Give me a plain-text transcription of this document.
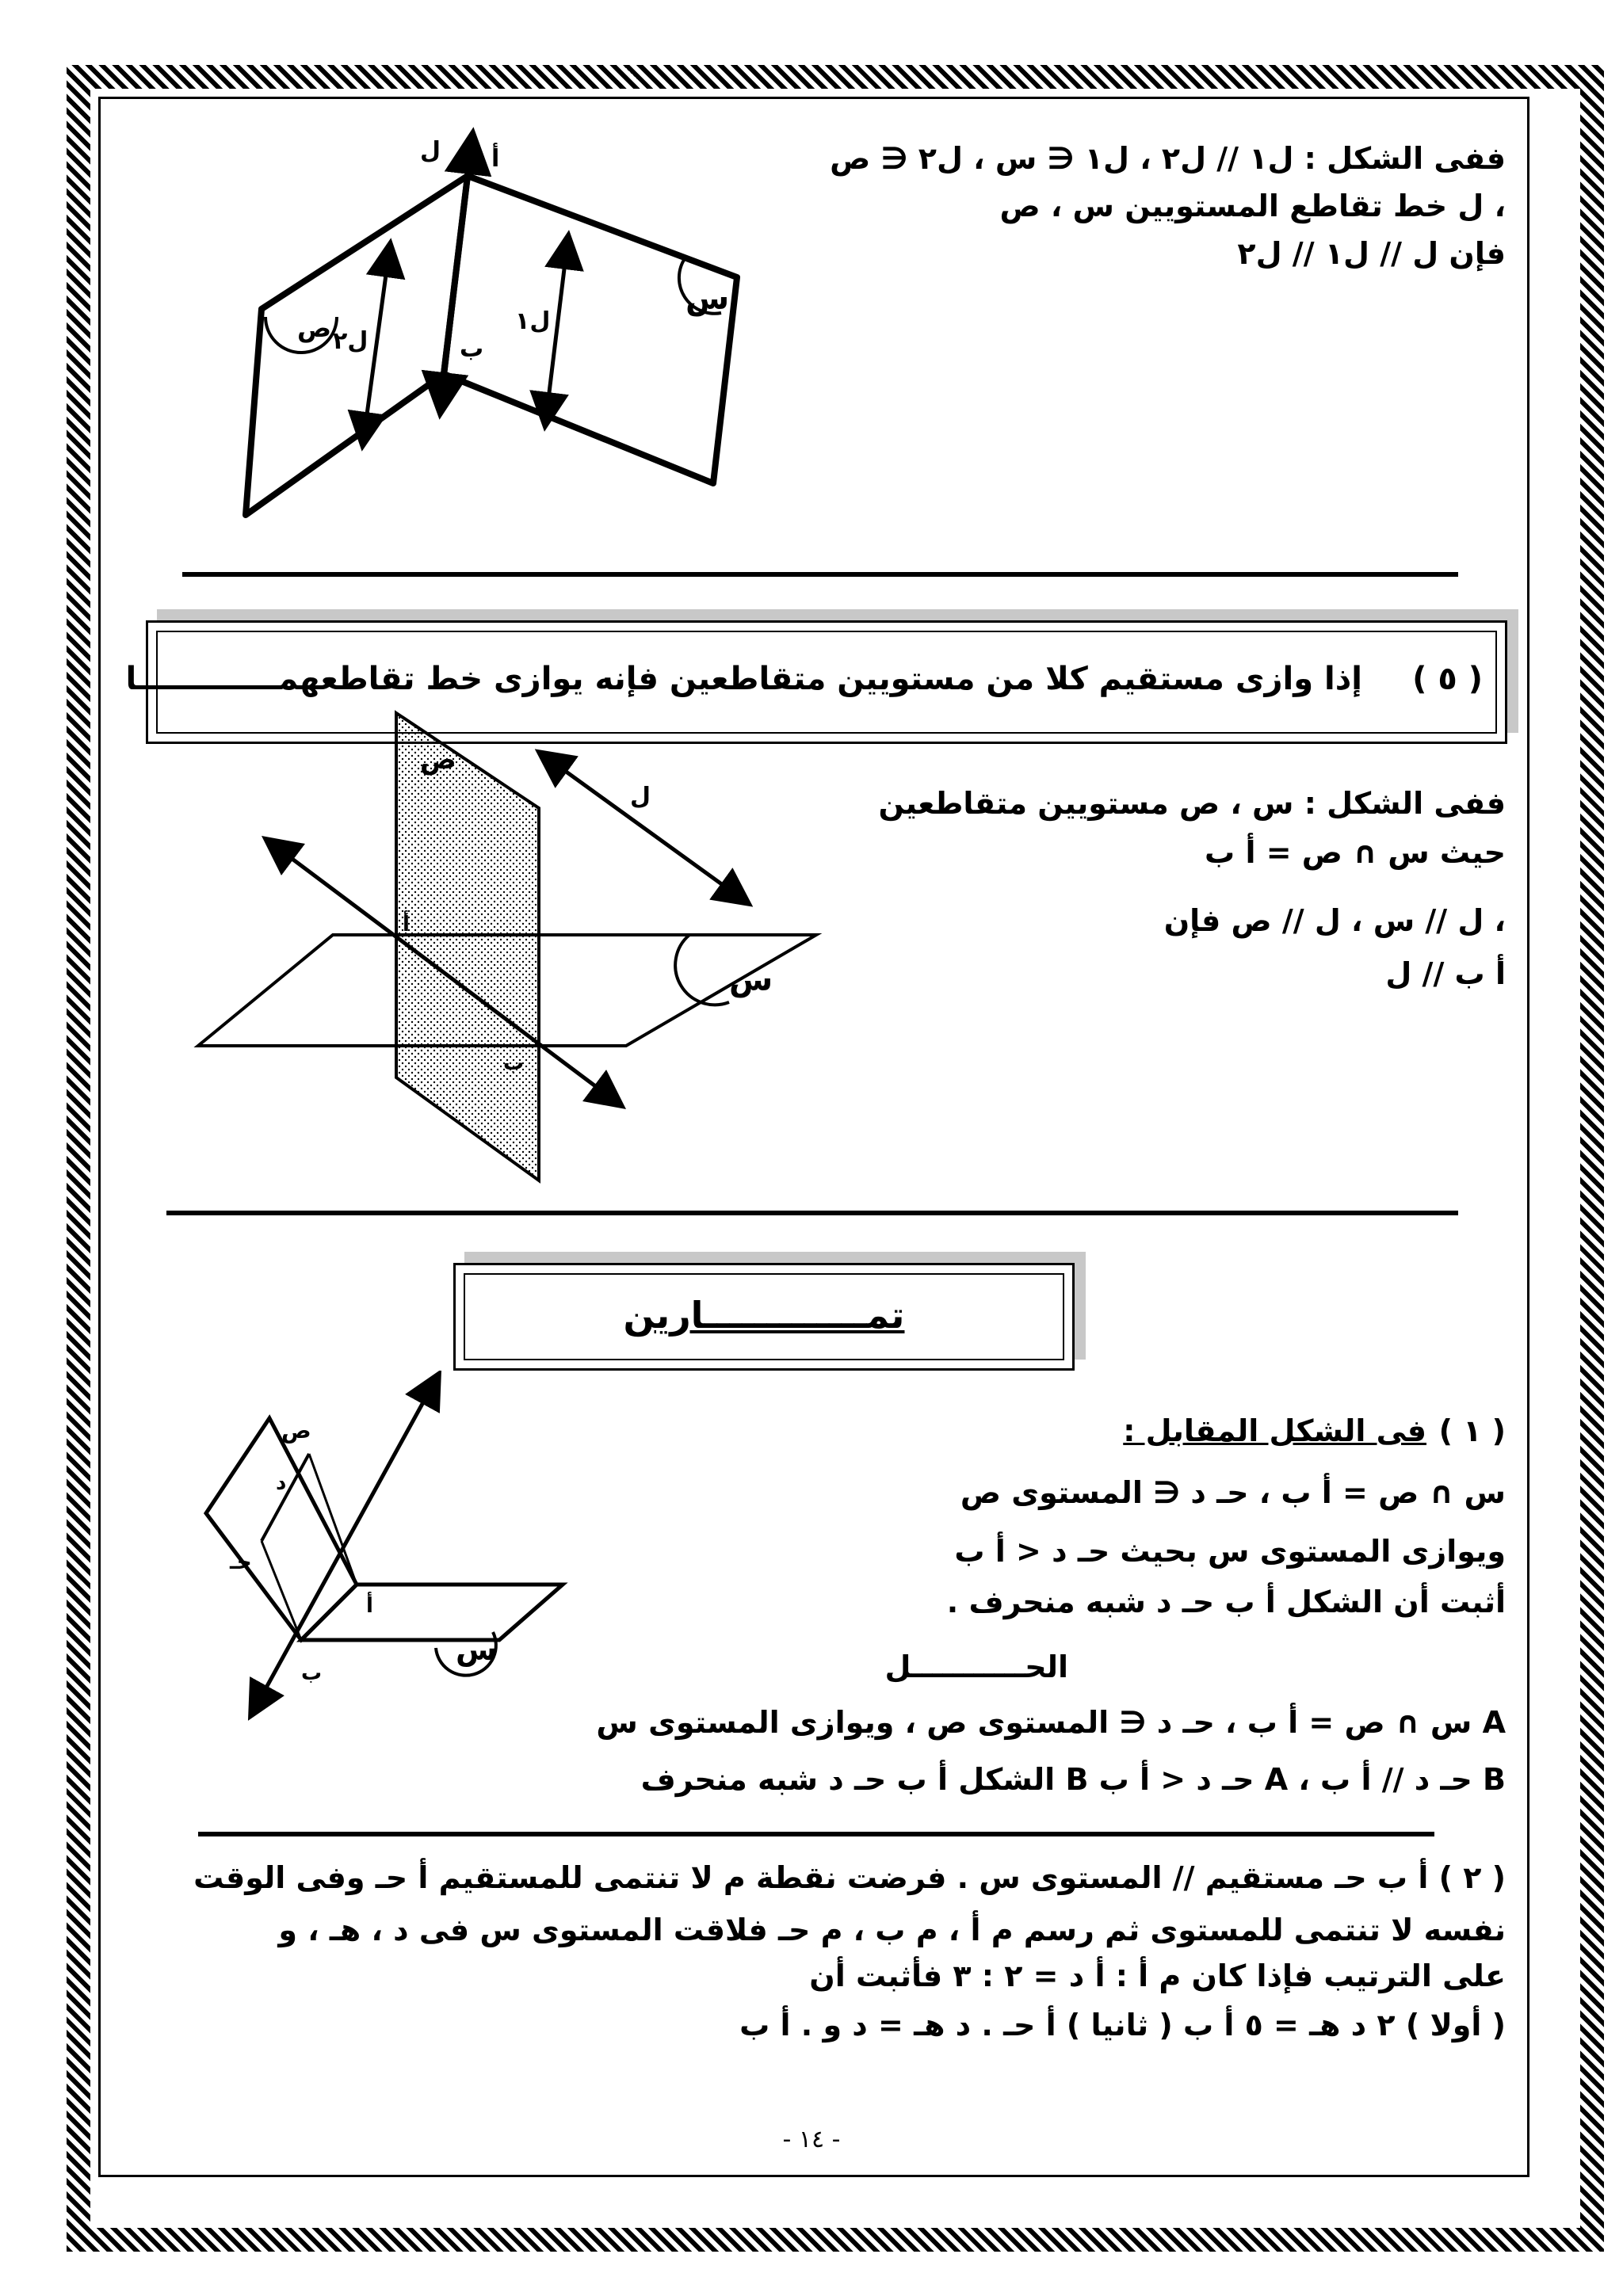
ففى الشكل : ل١ // ل٢ ، ل١ ∈ س ، ل٢ ∈ ص
، ل خط تقاطع المستويين س ، ص
فإن ل // ل١ // ل٢
ل أ
ب
ل١
ل٢
ص
س
( ٥ )
إذا وازى مستقيم كلا من مستويين متقاطعين فإنه يوازى خط تقاطعهمـــــــــــــا
ففى الشكل : س ، ص مستويين متقاطعين
حيث س ∩ ص = أ ب
، ل // س ، ل // ص فإن
أ ب // ل
ص
ل
أ
ب
س
تمـــــــــــــارين
( ١ )
فى الشكل المقابل :
س ∩ ص = أ ب ، حـ د ∈ المستوى ص
ويوازى المستوى س بحيث حـ د < أ ب
أثبت أن الشكل أ ب حـ د شبه منحرف .
الحـــــــــــل
A س ∩ ص = أ ب ، حـ د ∈ المستوى ص ، ويوازى المستوى س
B حـ د // أ ب ، A حـ د < أ ب B الشكل أ ب حـ د شبه منحرف
ص
د
حـ
أ
ب
س
( ٢ ) أ ب حـ مستقيم // المستوى س . فرضت نقطة م لا تنتمى للمستقيم أ حـ وفى الوقت
نفسه لا تنتمى للمستوى ثم رسم م أ ، م ب ، م حـ فلاقت المستوى س فى د ، هـ ، و
على الترتيب فإذا كان م أ : أ د = ٢ : ٣ فأثبت أن
( أولا ) ٢ د هـ = ٥ أ ب ( ثانيا ) أ حـ . د هـ = د و . أ ب
- ١٤ -
